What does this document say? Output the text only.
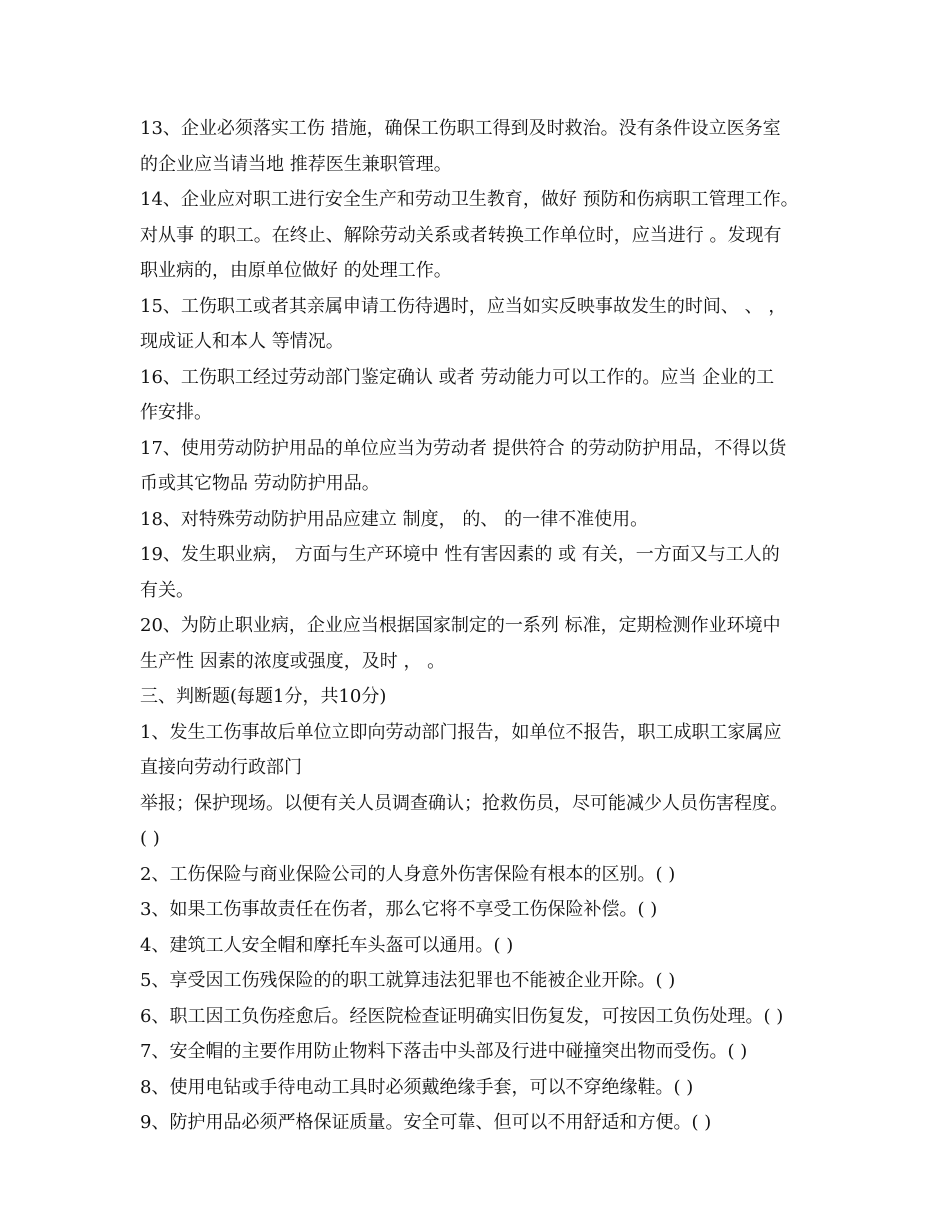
13、企业必须落实工伤 措施，确保工伤职工得到及时救治。没有条件设立医务室
的企业应当请当地 推荐医生兼职管理。
14、企业应对职工进行安全生产和劳动卫生教育，做好 预防和伤病职工管理工作。
对从事 的职工。在终止、解除劳动关系或者转换工作单位时，应当进行 。发现有
职业病的，由原单位做好 的处理工作。
15、工伤职工或者其亲属申请工伤待遇时，应当如实反映事故发生的时间、 、 ，
现成证人和本人 等情况。
16、工伤职工经过劳动部门鉴定确认 或者 劳动能力可以工作的。应当 企业的工
作安排。
17、使用劳动防护用品的单位应当为劳动者 提供符合 的劳动防护用品，不得以货
币或其它物品 劳动防护用品。
18、对特殊劳动防护用品应建立 制度， 的、 的一律不准使用。
19、发生职业病， 方面与生产环境中 性有害因素的 或 有关，一方面又与工人的
有关。
20、为防止职业病，企业应当根据国家制定的一系列 标准，定期检测作业环境中
生产性 因素的浓度或强度，及时 ， 。
三、判断题(每题1分，共10分)
1、发生工伤事故后单位立即向劳动部门报告，如单位不报告，职工成职工家属应
直接向劳动行政部门
举报；保护现场。以便有关人员调查确认；抢救伤员，尽可能减少人员伤害程度。
( )
2、工伤保险与商业保险公司的人身意外伤害保险有根本的区别。( )
3、如果工伤事故责任在伤者，那么它将不享受工伤保险补偿。( )
4、建筑工人安全帽和摩托车头盔可以通用。( )
5、享受因工伤残保险的的职工就算违法犯罪也不能被企业开除。( )
6、职工因工负伤痊愈后。经医院检查证明确实旧伤复发，可按因工负伤处理。( )
7、安全帽的主要作用防止物料下落击中头部及行进中碰撞突出物而受伤。( )
8、使用电钻或手待电动工具时必须戴绝缘手套，可以不穿绝缘鞋。( )
9、防护用品必须严格保证质量。安全可靠、但可以不用舒适和方便。( )
